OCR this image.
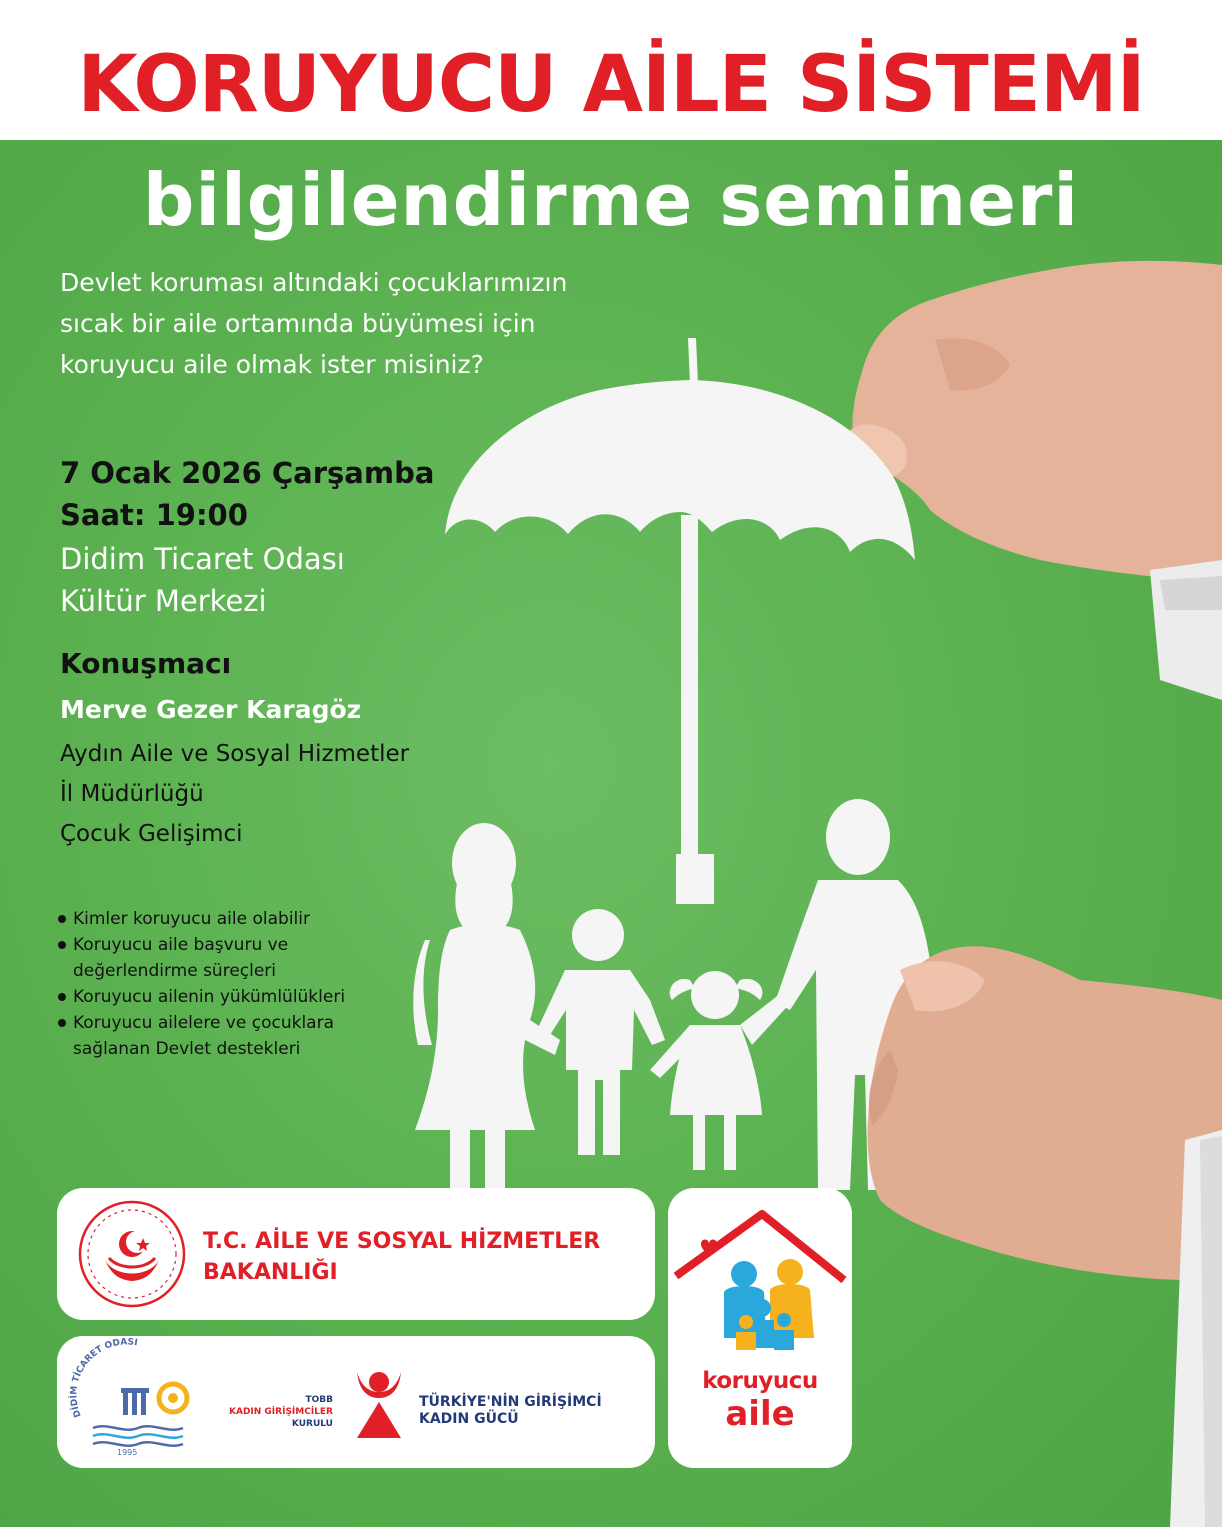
KORUYUCU AİLE SİSTEMİ

bilgilendirme semineri

Devlet koruması altındaki çocuklarımızın
sıcak bir aile ortamında büyümesi için
koruyucu aile olmak ister misiniz?

7 Ocak 2026 Çarşamba

Saat: 19:00

Didim Ticaret Odası
Kültür Merkezi

Konuşmacı

Merve Gezer Karagöz

Aydın Aile ve Sosyal Hizmetler
İl Müdürlüğü
Çocuk Gelişimci

Kimler koruyucu aile olabilir
Koruyucu aile başvuru ve
değerlendirme süreçleri
Koruyucu ailenin yükümlülükleri
Koruyucu ailelere ve çocuklara
sağlanan Devlet destekleri

T.C. AİLE VE SOSYAL HİZMETLER
BAKANLIĞI

DİDİM TİCARET ODASI
1995
TOBB
KADIN GİRİŞİMCİLER
KURULU
TÜRKİYE'NİN GİRİŞİMCİ
KADIN GÜCÜ
koruyucu
aile
